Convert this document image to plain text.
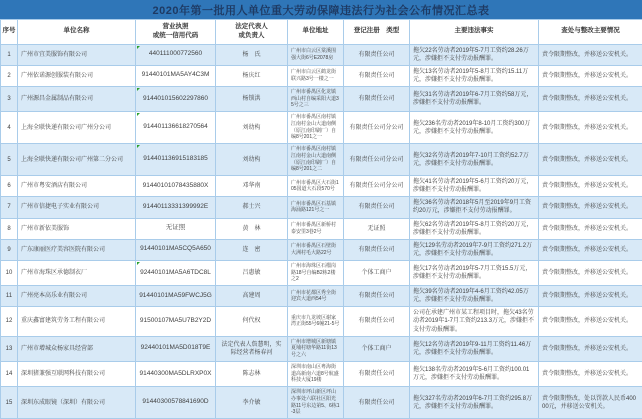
2020年第一批用人单位重大劳动保障违法行为社会公布情况汇总表
序号	单位名称	营业执照
或统一信用代码	法定代表人
或负责人	单位地址	登记注册　类型	主要违法事实	查处与整改主要情况

1	广州市宜美服饰有限公司	440111000772560	杨　氏	广州市白云区棠溪围强大街6号E2078房	有限责任公司	拖欠22名劳动者2019年5-7月工资约28.26万元，涉嫌拒不支付劳动报酬罪。	责令限期整改，并移送公安机关。
2	广州依诺源创服装有限公司	91440101MA5AY4C3M	杨庆红	广州市白云区鹤龙街联兴路3号一楼之一	有限责任公司	拖欠13名劳动者2019年5-8月工资约15.11万元，涉嫌拒不支付劳动报酬罪。	责令限期整改，并移送公安机关。
3	广州源昌金属制品有限公司	914401015602297860	杨锁洪	广州市番禺区化龙镇西山村自编采阳大道35号之三	有限责任公司	拖欠31名劳动者2019年6-7月工资约58万元，涉嫌拒不支付劳动报酬罪。	责令限期整改，并移送公安机关。
4	上海全联快递有限公司广州分公司	914401136618270564	刘幼构	广州市番禺区南村镇江南村金山大道南侧（原江南印刷厂）自编8号201之一	有限责任公司分公司	拖欠236名劳动者2019年8-10月工资约300万元，涉嫌拒不支付劳动报酬罪。	责令限期整改，并移送公安机关。
5	上海全联快递有限公司广州第二分公司	914401136915183185	刘幼构	广州市番禺区南村镇江南村金山大道南侧（原江南印刷厂）自编8号201之二	有限责任公司分公司	拖欠32名劳动者2019年7-10月工资约52.7万元，涉嫌拒不支付劳动报酬罪。	责令限期整改，并移送公安机关。
6	广州市粤安酒店有限公司	91440101078435880X	邓华南	广州市番禺区大石街105国道大石段570号	有限责任公司分公司	拖欠41名劳动者2019年5-6月工资约20万元，涉嫌拒不支付劳动报酬罪。	责令限期整改，并移送公安机关。
7	广州市信捷电子实业有限公司	91440113331399992E	郝士兴	广州市番禺区石基镇海涌路121号之一	有限责任公司	拖欠36名劳动者2018年5月至2019年9月工资约20万元，涉嫌拒不支付劳动报酬罪。	责令限期整改，并移送公安机关。
8	广州市新依美服饰	无证照	黄　林	广州市番禺区新桥村泰安里3巷2号	无证照	拖欠62名劳动者2019年5-8月工资约20万元，涉嫌拒不支付劳动报酬罪。	责令限期整改，并移送公安机关。
9	广东康丽医疗美容医院有限公司	91440101MA5CQ5A650	连　密	广州市番禺区石壁街大洲村毛大路22号	有限责任公司	拖欠129名劳动者2019年7-9月工资约271.2万元，涉嫌拒不支付劳动报酬罪。	责令限期整改，并移送公安机关。
10	广州市海珠区承德制衣厂	92440101MA5A6TDC8L	吕惠敏	广州市海珠区石榴岗路18号自编B2栋2楼之2	个体工商户	拖欠17名劳动者2019年5-7月工资15.5万元，涉嫌拒不支付劳动报酬罪。	责令限期整改，并移送公安机关。
11	广州亮本高乐业有限公司	91440101MA59FWCJ5G	高建周	广州市花都区秀全街迎宾大道西54号	有限责任公司	拖欠39名劳动者2019年4-6月工资约42.05万元，涉嫌拒不支付劳动报酬罪。	责令限期整改，并移送公安机关。
12	重庆鑫富建筑劳务工程有限公司	91500107MA5U7B2Y2D	何代权	重庆市九龙坡区谢家湾正街55号6幢21-5号	有限责任公司	公司在承建广州市某工程项目时，拖欠43名劳动者2019年1-7月工资约213.3万元，涉嫌拒不支付劳动报酬罪。	责令限期整改，并移送公安机关。
13	广州市增城众杨家具经营部	92440101MA5D018T9E	法定代表人詹慧明，实际经营者杨春河	广州市增城区新塘镇夏埔村塘华路11街13号之六	个体工商户	拖欠12名劳动者2019年9-11月工资约11.46万元，涉嫌拒不支付劳动报酬罪。	责令限期整改，并移送公安机关。
14	深圳猪兼强互联网科技有限公司	91440300MA5DLRXP0X	陈志林	深圳市南山区粤海街道高新南六道8号航盛科技大厦19楼	有限责任公司	拖欠138名劳动者2019年5-6月工资约100.01万元，涉嫌拒不支付劳动报酬罪。	责令限期整改，并移送公安机关。
15	深圳东成眼镜（深圳）有限公司	91440300578841690D	李介敏	深圳市坪山新区坪山办事处六联社区阳光路11号东边第5、6栋1-3层	有限责任公司	拖欠327名劳动者2019年6-7月工资约295.8万元，涉嫌拒不支付劳动报酬罪。	责令限期整改，处以罚款人民币40000元，并移送公安机关。
